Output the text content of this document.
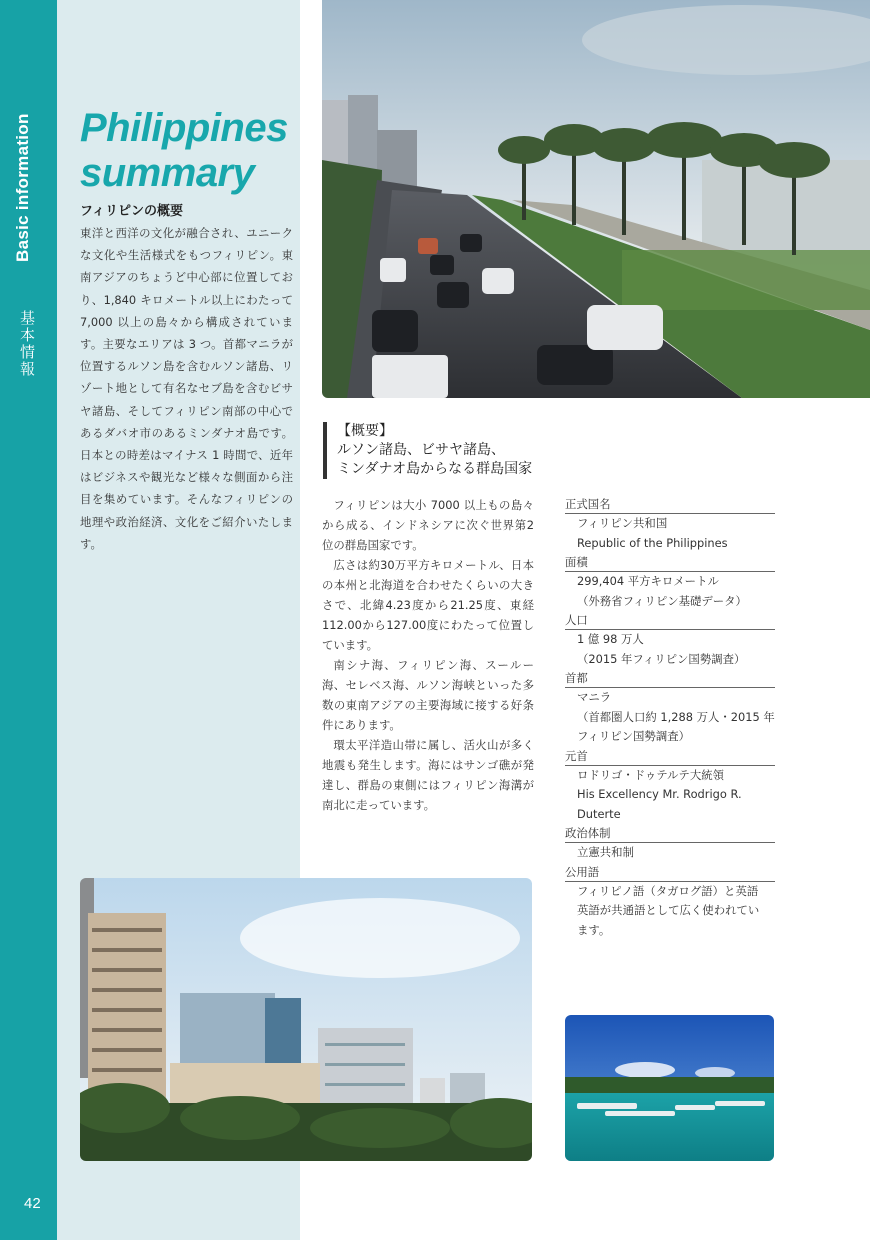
Basic information
基本情報
42
Philippines
summary
フィリピンの概要
東洋と西洋の文化が融合され、ユニークな文化や生活様式をもつフィリピン。東南アジアのちょうど中心部に位置しており、1,840 キロメートル以上にわたって 7,000 以上の島々から構成されています。主要なエリアは 3 つ。首都マニラが位置するルソン島を含むルソン諸島、リゾート地として有名なセブ島を含むビサヤ諸島、そしてフィリピン南部の中心であるダバオ市のあるミンダナオ島です。 日本との時差はマイナス 1 時間で、近年はビジネスや観光など様々な側面から注目を集めています。そんなフィリピンの地理や政治経済、文化をご紹介いたします。
【概要】
ルソン諸島、ビサヤ諸島、
ミンダナオ島からなる群島国家

フィリピンは大小 7000 以上もの島々から成る、インドネシアに次ぐ世界第2位の群島国家です。

広さは約30万平方キロメートル、日本の本州と北海道を合わせたくらいの大きさで、北緯4.23度から21.25度、東経112.00から127.00度にわたって位置しています。

南シナ海、フィリピン海、スールー海、セレベス海、ルソン海峡といった多数の東南アジアの主要海域に接する好条件にあります。

環太平洋造山帯に属し、活火山が多く地震も発生します。海にはサンゴ礁が発達し、群島の東側にはフィリピン海溝が南北に走っています。

正式国名
フィリピン共和国
Republic of the Philippines
面積
299,404 平方キロメートル
（外務省フィリピン基礎データ）
人口
1 億 98 万人
（2015 年フィリピン国勢調査）
首都
マニラ
（首都圏人口約 1,288 万人・2015 年
フィリピン国勢調査）
元首
ロドリゴ・ドゥテルテ大統領
His Excellency Mr. Rodrigo R. Duterte
政治体制
立憲共和制
公用語
フィリピノ語（タガログ語）と英語
英語が共通語として広く使われてい
ます。
